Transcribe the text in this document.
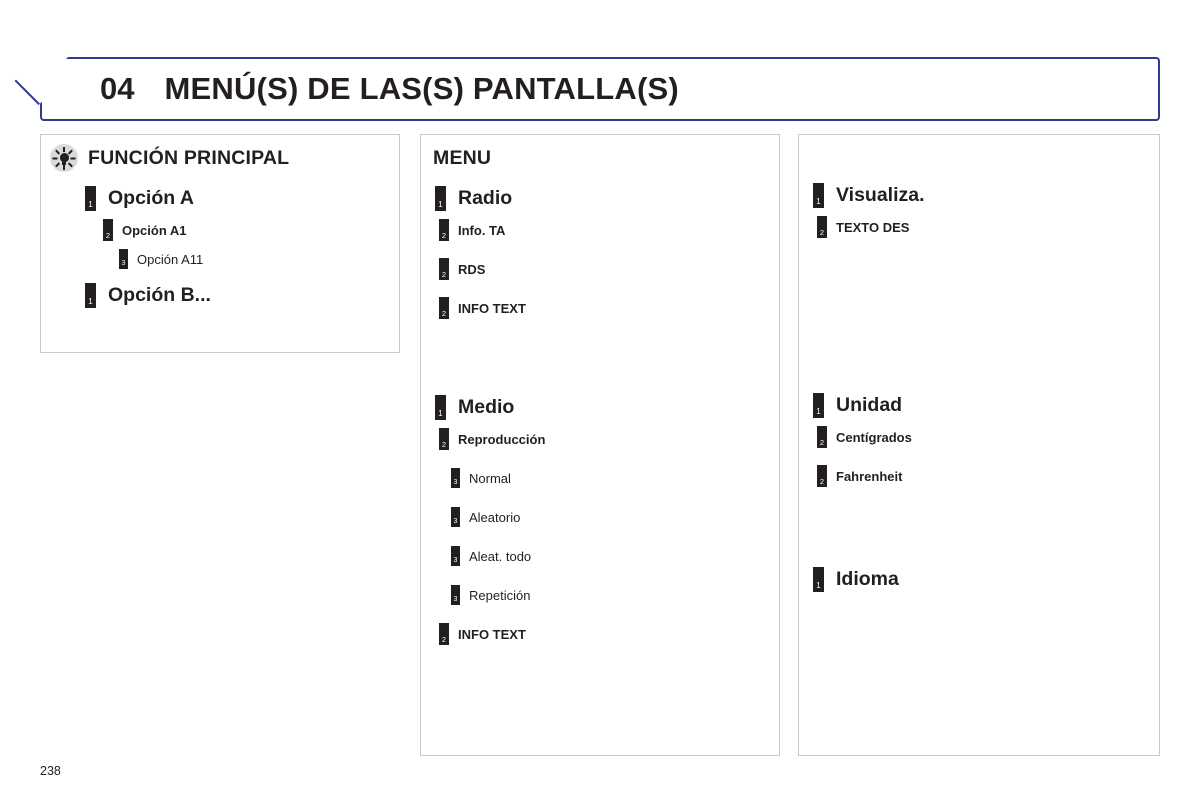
04 MENÚ(S) DE LAS(S) PANTALLA(S)
FUNCIÓN PRINCIPAL
1 Opción A
2 Opción A1
3 Opción A11
1 Opción B...
MENU
1 Radio
2 Info. TA
2 RDS
2 INFO TEXT
1 Medio
2 Reproducción
3 Normal
3 Aleatorio
3 Aleat. todo
3 Repetición
2 INFO TEXT
1 Visualiza.
2 TEXTO DES
1 Unidad
2 Centígrados
2 Fahrenheit
1 Idioma
238
